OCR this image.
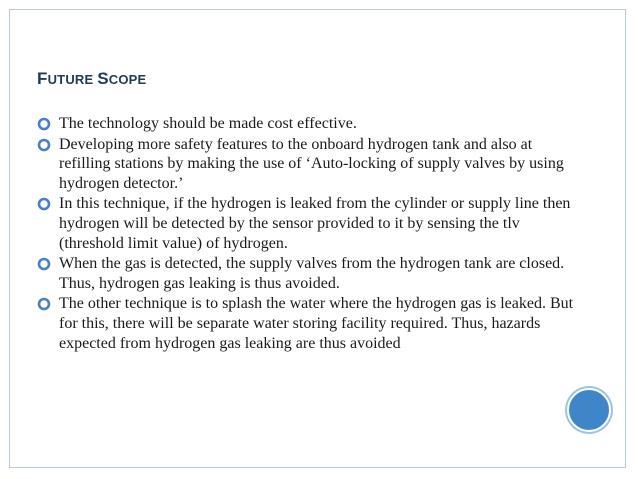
FUTURE SCOPE
The technology should be made cost effective.
Developing more safety features to the onboard hydrogen tank and also at refilling stations by making the use of ‘Auto-locking of supply valves by using hydrogen detector.’
In this technique, if the hydrogen is leaked from the cylinder or supply line then hydrogen will be detected by the sensor provided to it by sensing the tlv (threshold limit value) of hydrogen.
When the gas is detected, the supply valves from the hydrogen tank are closed. Thus, hydrogen gas leaking is thus avoided.
The other technique is to splash the water where the hydrogen gas is leaked. But for this, there will be separate water storing facility required. Thus, hazards expected from hydrogen gas leaking are thus avoided
